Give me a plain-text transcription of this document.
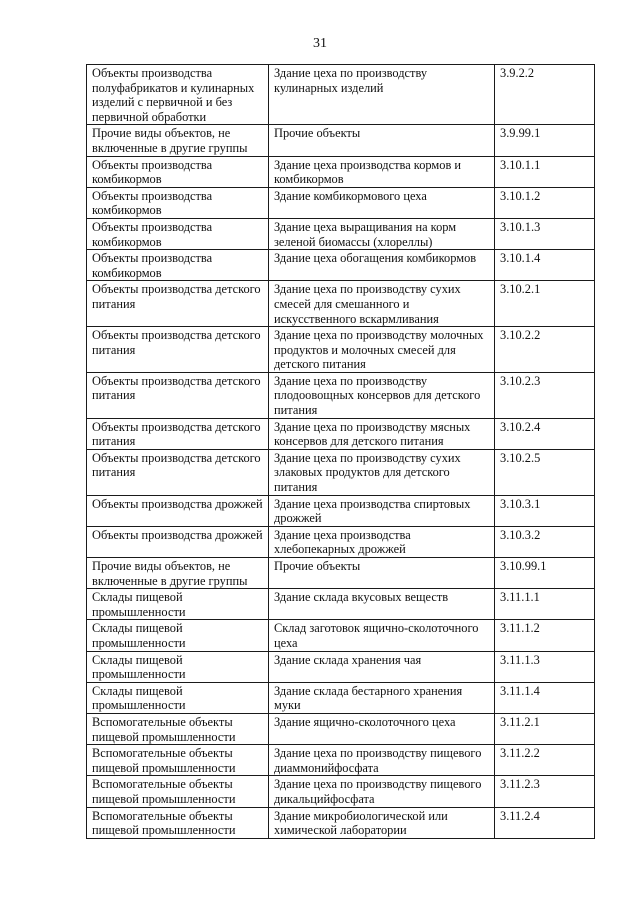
31
Объекты производства полуфабрикатов и кулинарных изделий с первичной и без первичной обработки	Здание цеха по производству кулинарных изделий	3.9.2.2
Прочие виды объектов, не включенные в другие группы	Прочие объекты	3.9.99.1
Объекты производства комбикормов	Здание цеха производства кормов и комбикормов	3.10.1.1
Объекты производства комбикормов	Здание комбикормового цеха	3.10.1.2
Объекты производства комбикормов	Здание цеха выращивания на корм зеленой биомассы (хлореллы)	3.10.1.3
Объекты производства комбикормов	Здание цеха обогащения комбикормов	3.10.1.4
Объекты производства детского питания	Здание цеха по производству сухих смесей для смешанного и искусственного вскармливания	3.10.2.1
Объекты производства детского питания	Здание цеха по производству молочных продуктов и молочных смесей для детского питания	3.10.2.2
Объекты производства детского питания	Здание цеха по производству плодоовощных консервов для детского питания	3.10.2.3
Объекты производства детского питания	Здание цеха по производству мясных консервов для детского питания	3.10.2.4
Объекты производства детского питания	Здание цеха по производству сухих злаковых продуктов для детского питания	3.10.2.5
Объекты производства дрожжей	Здание цеха производства спиртовых дрожжей	3.10.3.1
Объекты производства дрожжей	Здание цеха производства хлебопекарных дрожжей	3.10.3.2
Прочие виды объектов, не включенные в другие группы	Прочие объекты	3.10.99.1
Склады пищевой промышленности	Здание склада вкусовых веществ	3.11.1.1
Склады пищевой промышленности	Склад заготовок ящично-сколоточного цеха	3.11.1.2
Склады пищевой промышленности	Здание склада хранения чая	3.11.1.3
Склады пищевой промышленности	Здание склада бестарного хранения муки	3.11.1.4
Вспомогательные объекты пищевой промышленности	Здание ящично-сколоточного цеха	3.11.2.1
Вспомогательные объекты пищевой промышленности	Здание цеха по производству пищевого диаммонийфосфата	3.11.2.2
Вспомогательные объекты пищевой промышленности	Здание цеха по производству пищевого дикальцийфосфата	3.11.2.3
Вспомогательные объекты пищевой промышленности	Здание микробиологической или химической лаборатории	3.11.2.4
